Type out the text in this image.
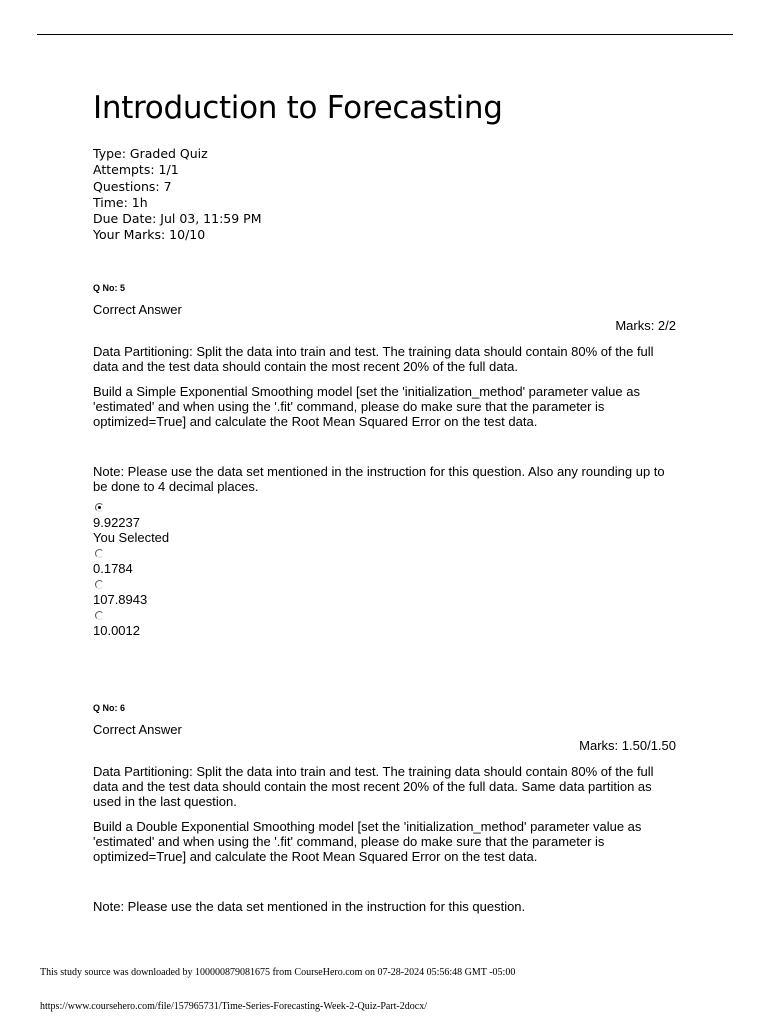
Introduction to Forecasting
Type: Graded Quiz
Attempts: 1/1
Questions: 7
Time: 1h
Due Date: Jul 03, 11:59 PM
Your Marks: 10/10
Q No: 5
Correct Answer
Marks: 2/2

Data Partitioning: Split the data into train and test. The training data should contain 80% of the full data and the test data should contain the most recent 20% of the full data.

Build a Simple Exponential Smoothing model [set the 'initialization_method' parameter value as 'estimated' and when using the '.fit' command, please do make sure that the parameter is optimized=True] and calculate the Root Mean Squared Error on the test data.

Note: Please use the data set mentioned in the instruction for this question. Also any rounding up to be done to 4 decimal places.

9.92237
You Selected
0.1784
107.8943
10.0012
Q No: 6
Correct Answer
Marks: 1.50/1.50

Data Partitioning: Split the data into train and test. The training data should contain 80% of the full data and the test data should contain the most recent 20% of the full data. Same data partition as used in the last question.

Build a Double Exponential Smoothing model [set the 'initialization_method' parameter value as 'estimated' and when using the '.fit' command, please do make sure that the parameter is optimized=True] and calculate the Root Mean Squared Error on the test data.

Note: Please use the data set mentioned in the instruction for this question.

This study source was downloaded by 100000879081675 from CourseHero.com on 07-28-2024 05:56:48 GMT -05:00
https://www.coursehero.com/file/157965731/Time-Series-Forecasting-Week-2-Quiz-Part-2docx/
